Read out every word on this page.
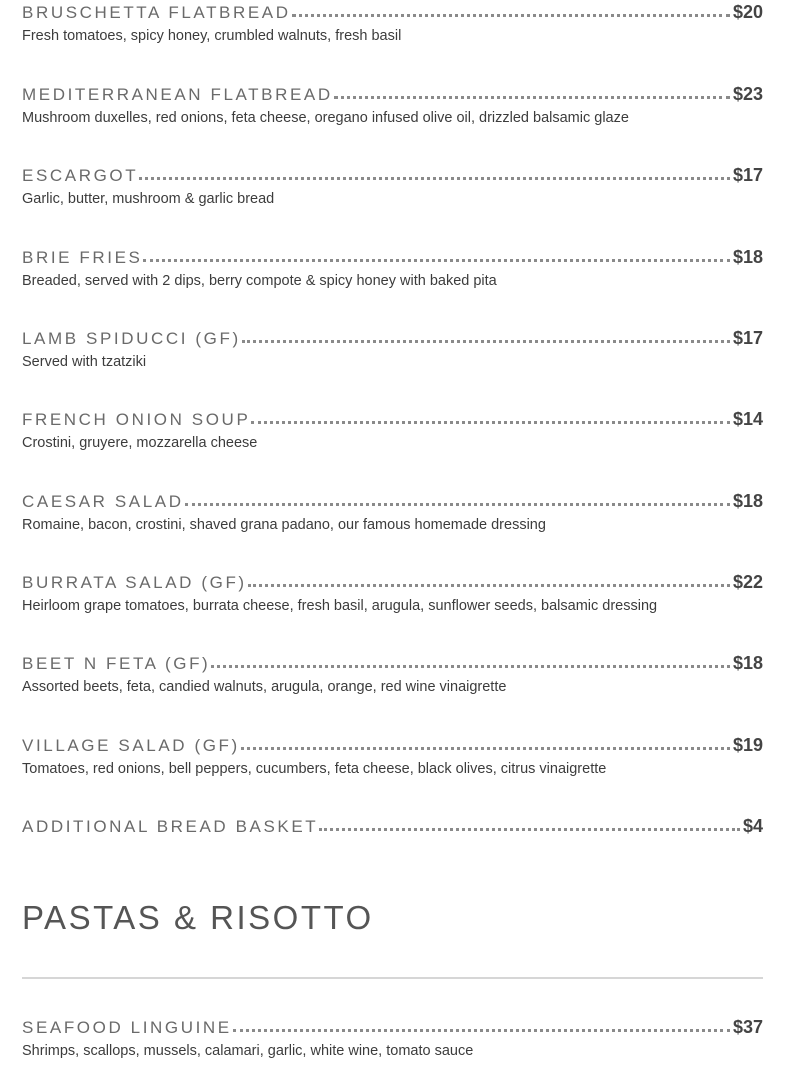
BRUSCHETTA FLATBREAD	$20
Fresh tomatoes, spicy honey, crumbled walnuts, fresh basil
MEDITERRANEAN FLATBREAD	$23
Mushroom duxelles, red onions, feta cheese, oregano infused olive oil, drizzled balsamic glaze
ESCARGOT	$17
Garlic, butter, mushroom & garlic bread
BRIE FRIES	$18
Breaded, served with 2 dips, berry compote & spicy honey with baked pita
LAMB SPIDUCCI (GF)	$17
Served with tzatziki
FRENCH ONION SOUP	$14
Crostini, gruyere, mozzarella cheese
CAESAR SALAD	$18
Romaine, bacon, crostini, shaved grana padano, our famous homemade dressing
BURRATA SALAD (GF)	$22
Heirloom grape tomatoes, burrata cheese, fresh basil, arugula, sunflower seeds, balsamic dressing
BEET N FETA (GF)	$18
Assorted beets, feta, candied walnuts, arugula, orange, red wine vinaigrette
VILLAGE SALAD (GF)	$19
Tomatoes, red onions, bell peppers, cucumbers, feta cheese, black olives, citrus vinaigrette
ADDITIONAL BREAD BASKET	$4
PASTAS & RISOTTO
SEAFOOD LINGUINE	$37
Shrimps, scallops, mussels, calamari, garlic, white wine, tomato sauce
